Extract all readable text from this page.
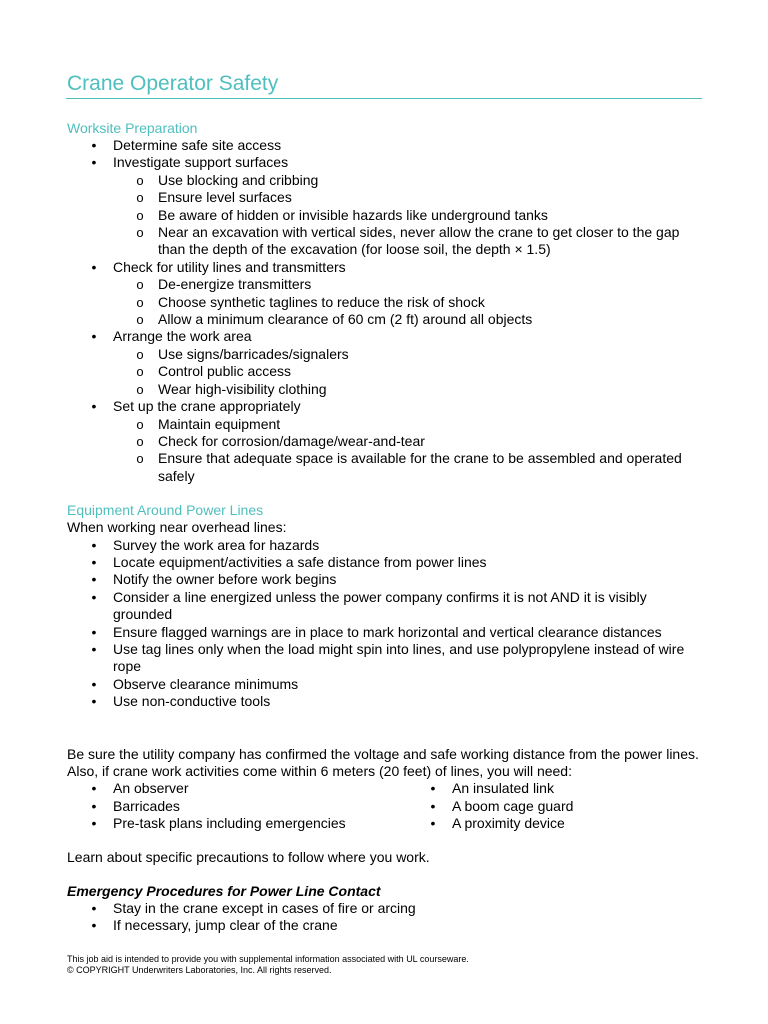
Crane Operator Safety
Worksite Preparation
• Determine safe site access
• Investigate support surfaces
o Use blocking and cribbing
o Ensure level surfaces
o Be aware of hidden or invisible hazards like underground tanks
o Near an excavation with vertical sides, never allow the crane to get closer to the gap than the depth of the excavation (for loose soil, the depth × 1.5)
• Check for utility lines and transmitters
o De-energize transmitters
o Choose synthetic taglines to reduce the risk of shock
o Allow a minimum clearance of 60 cm (2 ft) around all objects
• Arrange the work area
o Use signs/barricades/signalers
o Control public access
o Wear high-visibility clothing
• Set up the crane appropriately
o Maintain equipment
o Check for corrosion/damage/wear-and-tear
o Ensure that adequate space is available for the crane to be assembled and operated safely
Equipment Around Power Lines
When working near overhead lines:
• Survey the work area for hazards
• Locate equipment/activities a safe distance from power lines
• Notify the owner before work begins
• Consider a line energized unless the power company confirms it is not AND it is visibly grounded
• Ensure flagged warnings are in place to mark horizontal and vertical clearance distances
• Use tag lines only when the load might spin into lines, and use polypropylene instead of wire rope
• Observe clearance minimums
• Use non-conductive tools
Be sure the utility company has confirmed the voltage and safe working distance from the power lines. Also, if crane work activities come within 6 meters (20 feet) of lines, you will need:
• An observer
• Barricades
• Pre-task plans including emergencies
• An insulated link
• A boom cage guard
• A proximity device
Learn about specific precautions to follow where you work.
Emergency Procedures for Power Line Contact
• Stay in the crane except in cases of fire or arcing
• If necessary, jump clear of the crane
This job aid is intended to provide you with supplemental information associated with UL courseware.
© COPYRIGHT Underwriters Laboratories, Inc. All rights reserved.
